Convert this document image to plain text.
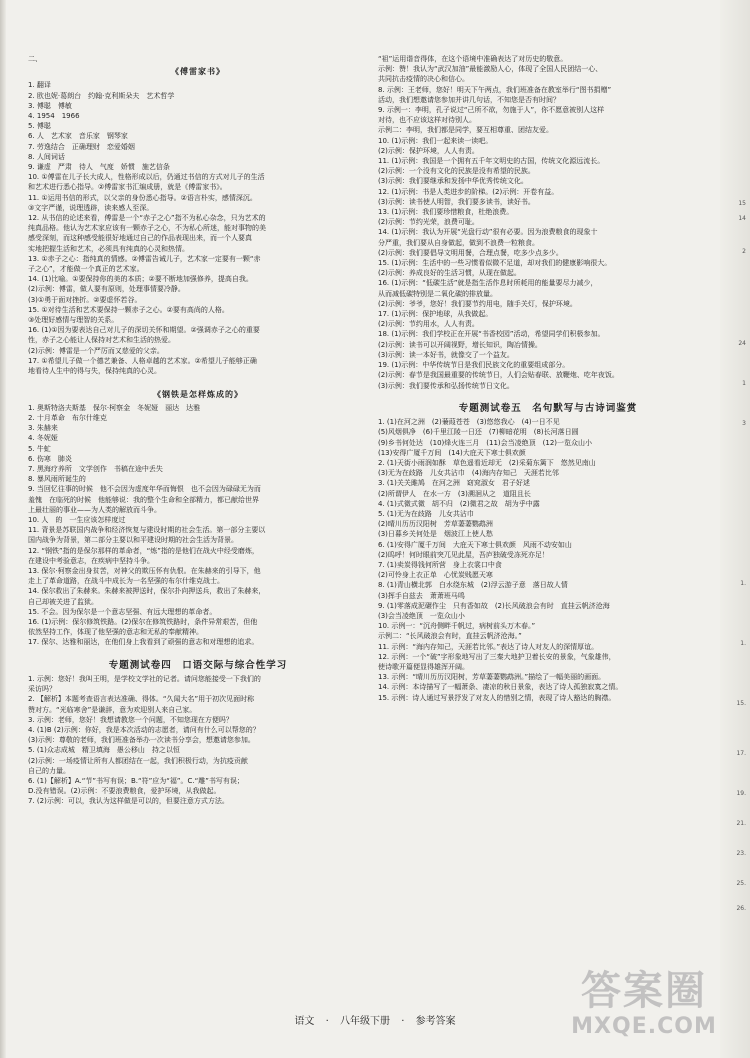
二、
《傅雷家书》
1. 翻译
2. 欧也妮·葛朗台　约翰·克利斯朵夫　艺术哲学
3. 傅聪　傅敏
4. 1954　1966
5. 傅聪
6. 人　艺术家　音乐家　钢琴家
7. 劳逸结合　正确理财　恋爱婚姻
8. 人间词话
9. 谦虚　严肃　待人　气度　娇惯　施艺信条
10. ①傅雷在儿子长大成人，性格形成以后，仍通过书信的方式对儿子的生活
和艺术进行悉心指导。②傅雷家书汇编成册，就是《傅雷家书》。
11. ①运用书信的形式，以父亲的身份悉心指导。②语言朴实，感情深沉。
③文字严谨，说理透辟，读来感人至深。
12. 从书信的论述来看，傅雷是一个“赤子之心”指不为私心杂念，只为艺术的
纯真品格。他认为艺术家应该有一颗赤子之心，不为私心所迷，能对事物的美
感受深刻，而这种感受能很好地通过自己的作品表现出来，而一个人要真
实地把握生活和艺术，必须具有纯真的心灵和热情。
13. ①赤子之心：指纯真的情感。②傅雷告诫儿子，艺术家一定要有一颗“赤
子之心”，才能做一个真正的艺术家。
14. (1)比喻。①要保持你的美的本质；②要不断地加强修养，提高自我。
(2)示例：傅雷，做人要有原则，处理事情要冷静。
(3)①勇于面对挫折。②要虚怀若谷。
15. ①对待生活和艺术要保持一颗赤子之心。②要有高尚的人格。
③处理好感情与理智的关系。
16. (1)①因为要表达自己对儿子的深切关怀和期望。②强调赤子之心的重要
性，赤子之心能让人保持对艺术和生活的热爱。
(2)示例：傅雷是一个严厉而又慈爱的父亲。
17. ①希望儿子做一个德艺兼备、人格卓越的艺术家。②希望儿子能够正确
地看待人生中的得与失，保持纯真的心灵。

《钢铁是怎样炼成的》
1. 奥斯特洛夫斯基　保尔·柯察金　冬妮娅　丽达　达雅
2. 十月革命　布尔什维克
3. 朱赫来
4. 冬妮娅
5. 牛虻
6. 伤寒　肺炎
7. 黑海疗养所　文学创作　书稿在途中丢失
8. 暴风雨所诞生的
9. 当回忆往事的时候　他不会因为虚度年华而悔恨　也不会因为碌碌无为而
羞愧　在临死的时候　他能够说：我的整个生命和全部精力，都已献给世界
上最壮丽的事业——为人类的解放而斗争。
10. 人　的　一生应该怎样度过
11. 背景是苏联国内战争和经济恢复与建设时期的社会生活。第一部分主要以
国内战争为背景，第二部分主要以和平建设时期的社会生活为背景。
12. “钢铁”指的是保尔那样的革命者，“炼”指的是他们在战火中经受磨炼，
在建设中考验意志，在疾病中坚持斗争。
13. 保尔·柯察金出身贫苦，对神父的欺压怀有仇恨。在朱赫来的引导下，他
走上了革命道路，在战斗中成长为一名坚强的布尔什维克战士。
14. 保尔救出了朱赫来。朱赫来被押送时，保尔扑向押送兵，救出了朱赫来，
自己却被关进了监狱。
15. 不会。因为保尔是一个意志坚强、有远大理想的革命者。
16. (1)示例：保尔修筑铁路。(2)保尔在修筑铁路时，条件异常艰苦，但他
依然坚持工作，体现了他坚强的意志和无私的奉献精神。
17. 保尔、达雅和丽达，在他们身上我看到了顽强的意志和对理想的追求。

专题测试卷四　口语交际与综合性学习
1. 示例：您好！我叫王明，是学校文学社的记者。请问您能接受一下我们的
采访吗？
2. 【解析】本题考查语言表达准确、得体。“久闻大名”用于初次见面时称
赞对方。“光临寒舍”是谦辞，意为欢迎别人来自己家。
3. 示例：老师，您好！我想请教您一个问题，不知您现在方便吗？
4. (1)B (2)示例：你好，我是本次活动的志愿者，请问有什么可以帮您的？
(3)示例：尊敬的老师，我们班准备举办一次读书分享会，想邀请您参加。
5. (1)众志成城　精卫填海　愚公移山　持之以恒
(2)示例：一场疫情让所有人都团结在一起，我们积极行动，为抗疫贡献
自己的力量。
6. (1)【解析】A.“节”书写有误；B.“符”应为“福”。C.“雕”书写有误；
D.没有错误。(2)示例：不要浪费粮食，爱护环境，从我做起。
7. (2)示例：可以，我认为这样做是可以的，但要注意方式方法。
“祖”运用谐音得体，在这个语境中准确表达了对历史的敬意。
示例：赞！我认为“武汉加油”最能激励人心，体现了全国人民团结一心、
共同抗击疫情的决心和信心。
8. 示例：王老师，您好！明天下午两点，我们班准备在教室举行“图书捐赠”
活动，我们想邀请您参加并讲几句话，不知您是否有时间？
9. 示例一：李明，孔子说过“己所不欲，勿施于人”，你不愿意被别人这样
对待，也不应该这样对待别人。
示例二：李明，我们都是同学，要互相尊重、团结友爱。
10. (1)示例：我们一起来读一读吧。
(2)示例：保护环境，人人有责。
11. (1)示例：我国是一个拥有五千年文明史的古国，传统文化源远流长。
(2)示例：一个没有文化的民族是没有希望的民族。
(3)示例：我们要继承和发扬中华优秀传统文化。
12. (1)示例：书是人类进步的阶梯。(2)示例：开卷有益。
(3)示例：读书使人明智，我们要多读书，读好书。
13. (1)示例：我们要珍惜粮食，杜绝浪费。
(2)示例：节约光荣，浪费可耻。
14. (1)示例：我认为开展“光盘行动”很有必要。因为浪费粮食的现象十
分严重，我们要从自身做起，做到不浪费一粒粮食。
(2)示例：我们要倡导文明用餐，合理点餐，吃多少点多少。
15. (1)示例：生活中的一些习惯看似微不足道，却对我们的健康影响很大。
(2)示例：养成良好的生活习惯，从现在做起。
16. (1)示例：“低碳生活”就是指生活作息时所耗用的能量要尽力减少，
从而减低碳特别是二氧化碳的排放量。
(2)示例：爷爷，您好！我们要节约用电，随手关灯，保护环境。
17. (1)示例：保护地球，从我做起。
(2)示例：节约用水，人人有责。
18. (1)示例：我们学校正在开展“书香校园”活动，希望同学们积极参加。
(2)示例：读书可以开阔视野，增长知识，陶冶情操。
(3)示例：读一本好书，就像交了一个益友。
19. (1)示例：中华传统节日是我们民族文化的重要组成部分。
(2)示例：春节是我国最重要的传统节日，人们会贴春联、放鞭炮、吃年夜饭。
(3)示例：我们要传承和弘扬传统节日文化。

专题测试卷五　名句默写与古诗词鉴赏
1. (1)在河之洲　(2)蒹葭苍苍　(3)悠悠我心　(4)一日不见
(5)风烟俱净　(6)千里江陵一日还　(7)柳暗花明　(8)长河落日圆
(9)乡书何处达　(10)烽火连三月　(11)会当凌绝顶　(12)一览众山小
(13)安得广厦千万间　(14)大庇天下寒士俱欢颜
2. (1)天街小雨润如酥　草色遥看近却无　(2)采菊东篱下　悠然见南山
(3)无为在歧路　儿女共沾巾　(4)海内存知己　天涯若比邻
3. (1)关关雎鸠　在河之洲　窈窕淑女　君子好逑
(2)所谓伊人　在水一方　(3)溯洄从之　道阻且长
4. (1)式微式微　胡不归　(2)微君之故　胡为乎中露
5. (1)无为在歧路　儿女共沾巾
(2)晴川历历汉阳树　芳草萋萋鹦鹉洲
(3)日暮乡关何处是　烟波江上使人愁
6. (1)安得广厦千万间　大庇天下寒士俱欢颜　风雨不动安如山
(2)呜呼！何时眼前突兀见此屋，吾庐独破受冻死亦足！
7. (1)卖炭得钱何所营　身上衣裳口中食
(2)可怜身上衣正单　心忧炭贱愿天寒
8. (1)青山横北郭　白水绕东城　(2)浮云游子意　落日故人情
(3)挥手自兹去　萧萧班马鸣
9. (1)零落成泥碾作尘　只有香如故　(2)长风破浪会有时　直挂云帆济沧海
(3)会当凌绝顶　一览众山小
10. 示例一：“沉舟侧畔千帆过，病树前头万木春。”
示例二：“长风破浪会有时，直挂云帆济沧海。”
11. 示例：“海内存知己，天涯若比邻。”表达了诗人对友人的深情厚谊。
12. 示例：一个“破”字形象地写出了三秦大地护卫着长安的景象，气象雄伟，
使诗歌开篇便显得雄浑开阔。
13. 示例：“晴川历历汉阳树，芳草萋萋鹦鹉洲。”描绘了一幅美丽的画面。
14. 示例：本诗描写了一幅萧条、凄凉的秋日景象，表达了诗人孤独寂寞之情。
15. 示例：诗人通过写景抒发了对友人的惜别之情，表现了诗人豁达的胸襟。
15
14
2
24
1
3
1.
1.
15.
17.
19.
21.
23.
25.
26.
语文 · 八年级下册 · 参考答案
答案圈
MXQE.COM
